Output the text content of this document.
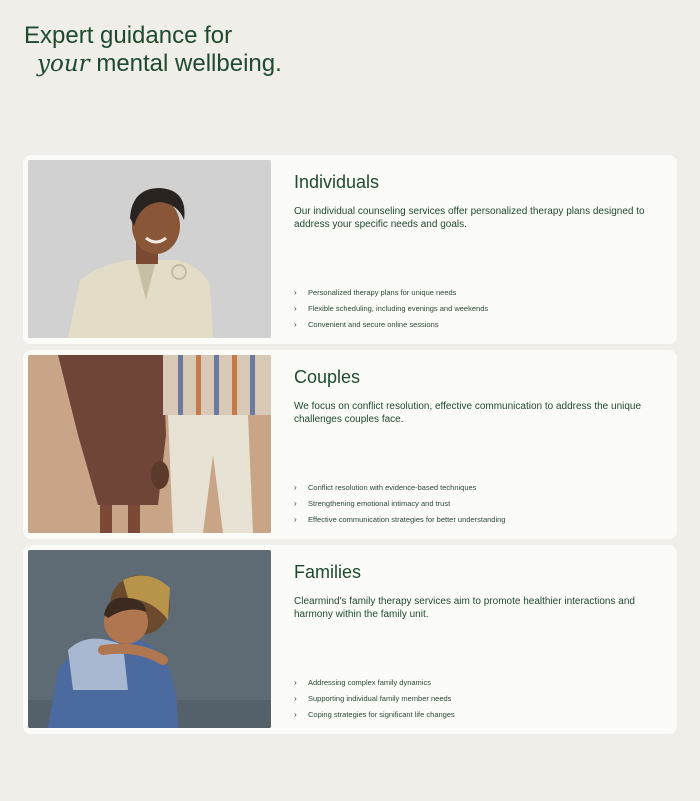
Expert guidance for
your mental wellbeing.
Individuals

Our individual counseling services offer personalized therapy plans designed to address your specific needs and goals.

› Personalized therapy plans for unique needs
› Flexible scheduling, including evenings and weekends
› Convenient and secure online sessions
Couples

We focus on conflict resolution, effective communication to address the unique challenges couples face.

› Conflict resolution with evidence-based techniques
› Strengthening emotional intimacy and trust
› Effective communication strategies for better understanding
Families

Clearmind's family therapy services aim to promote healthier interactions and harmony within the family unit.

› Addressing complex family dynamics
› Supporting individual family member needs
› Coping strategies for significant life changes
